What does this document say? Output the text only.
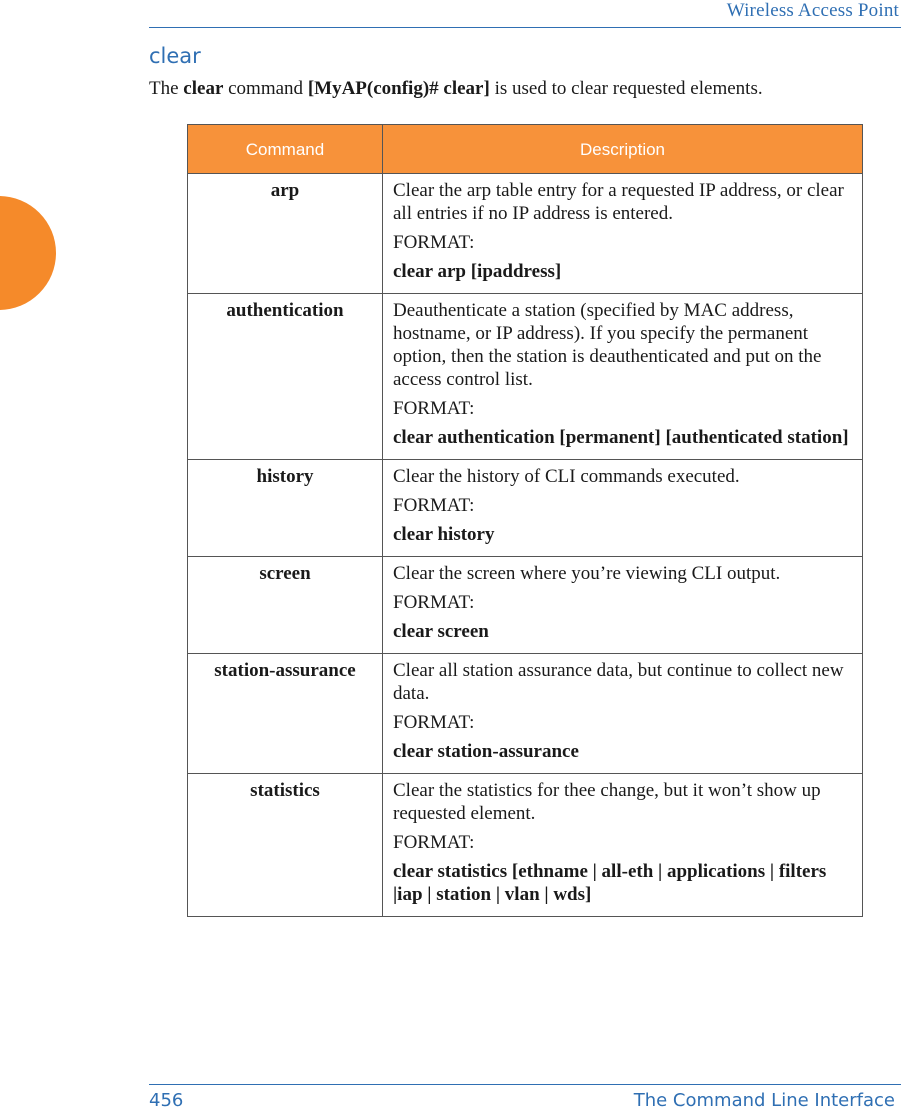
Wireless Access Point
clear
The clear command [MyAP(config)# clear] is used to clear requested elements.
Command	Description
arp	Clear the arp table entry for a requested IP address, or clear all entries if no IP address is entered.

FORMAT:

clear arp [ipaddress]

authentication	Deauthenticate a station (specified by MAC address, hostname, or IP address). If you specify the permanent option, then the station is deauthenticated and put on the access control list.

FORMAT:

clear authentication [permanent] [authenticated station]

history	Clear the history of CLI commands executed.

FORMAT:

clear history

screen	Clear the screen where you’re viewing CLI output.

FORMAT:

clear screen

station-assurance	Clear all station assurance data, but continue to collect new data.

FORMAT:

clear station-assurance

statistics	Clear the statistics for thee change, but it won’t show up requested element.

FORMAT:

clear statistics [ethname | all-eth | applications | filters |iap | station | vlan | wds]

456	The Command Line Interface
